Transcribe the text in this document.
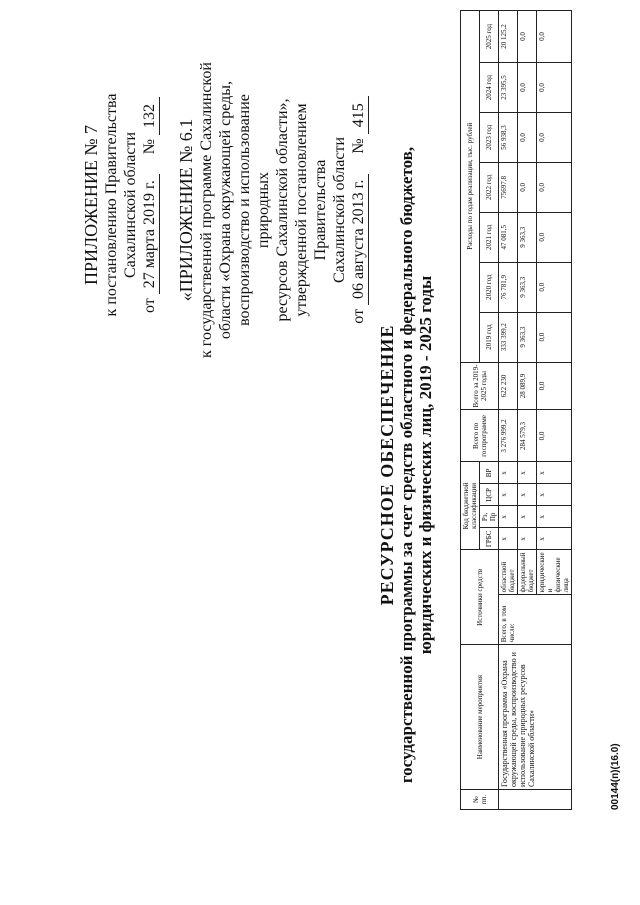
ПРИЛОЖЕНИЕ № 7 к постановлению Правительства Сахалинской области
от 27 марта 2019 г.     № 132
«ПРИЛОЖЕНИЕ № 6.1 к государственной программе Сахалинской области «Охрана окружающей среды, воспроизводство и использование природных ресурсов Сахалинской области», утвержденной постановлением Правительства Сахалинской области
от 06 августа 2013 г.     № 415
РЕСУРСНОЕ ОБЕСПЕЧЕНИЕ государственной программы за счет средств областного и федерального бюджетов, юридических и физических лиц, 2019 - 2025 годы
№ пп.	Наименование мероприятия	Источники средств		Код бюджетной классификации				Всего по госпрограмме	Всего за 2019-2025 годы	Расходы по годам реализации, тыс. рублей						
				ГРБС	Рз, Пр	ЦСР	ВР			2019 год	2020 год	2021 год	2022 год	2023 год	2024 год	2025 год
	Государственная программа «Охрана окружающей среды, воспроизводство и использование природных ресурсов Сахалинской области»	Всего, в том числе:	областной бюджет	х	х	х	х	3 276 999,2	622 230	333 399,2	76 781,9	47 081,5	75697,8	56 938,3	23 395,5	20 125,2
			федеральный бюджет	х	х	х	х	284 579,3	28 089,9	9 363,3	9 363,3	9 363,3	0,0	0,0	0,0	0,0
			юридические и физические лица	х	х	х	х	0,0	0,0	0,0	0,0	0,0	0,0	0,0	0,0	0,0
00144(п)(16.0)
